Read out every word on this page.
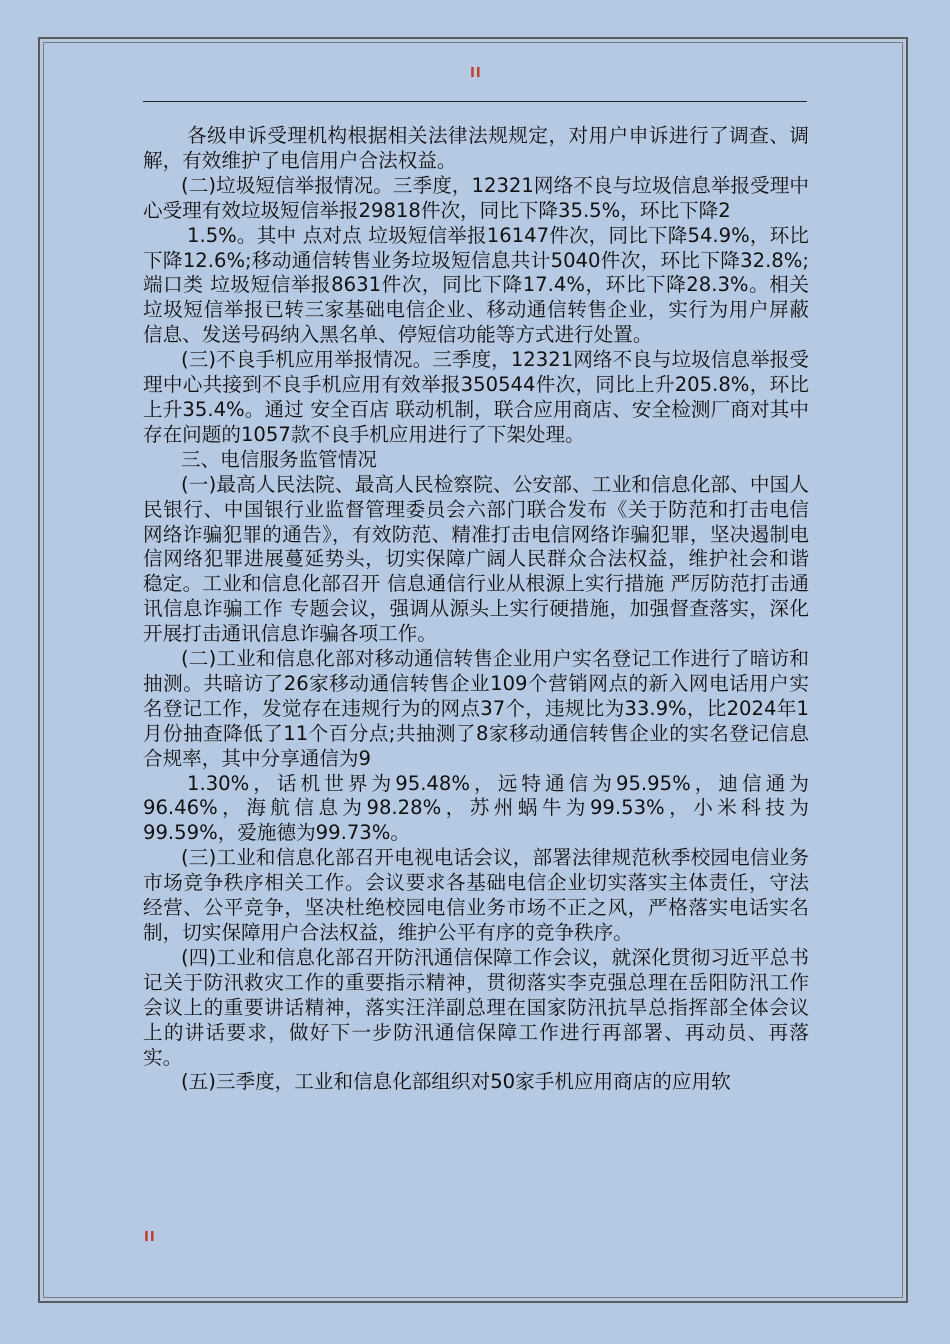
II

各级申诉受理机构根据相关法律法规规定，对用户申诉进行了调查、调解，有效维护了电信用户合法权益。

(二)垃圾短信举报情况。三季度，12321网络不良与垃圾信息举报受理中心受理有效垃圾短信举报29818件次，同比下降35.5%，环比下降2

1.5%。其中 点对点 垃圾短信举报16147件次，同比下降54.9%，环比下降12.6%;移动通信转售业务垃圾短信息共计5040件次，环比下降32.8%; 端口类 垃圾短信举报8631件次，同比下降17.4%，环比下降28.3%。相关垃圾短信举报已转三家基础电信企业、移动通信转售企业，实行为用户屏蔽信息、发送号码纳入黑名单、停短信功能等方式进行处置。

(三)不良手机应用举报情况。三季度，12321网络不良与垃圾信息举报受理中心共接到不良手机应用有效举报350544件次，同比上升205.8%，环比上升35.4%。通过 安全百店 联动机制，联合应用商店、安全检测厂商对其中存在问题的1057款不良手机应用进行了下架处理。

三、电信服务监管情况

(一)最高人民法院、最高人民检察院、公安部、工业和信息化部、中国人民银行、中国银行业监督管理委员会六部门联合发布《关于防范和打击电信网络诈骗犯罪的通告》，有效防范、精准打击电信网络诈骗犯罪，坚决遏制电信网络犯罪进展蔓延势头，切实保障广阔人民群众合法权益，维护社会和谐稳定。工业和信息化部召开 信息通信行业从根源上实行措施 严厉防范打击通讯信息诈骗工作 专题会议，强调从源头上实行硬措施，加强督查落实，深化开展打击通讯信息诈骗各项工作。

(二)工业和信息化部对移动通信转售企业用户实名登记工作进行了暗访和抽测。共暗访了26家移动通信转售企业109个营销网点的新入网电话用户实名登记工作，发觉存在违规行为的网点37个，违规比为33.9%，比2024年1月份抽查降低了11个百分点;共抽测了8家移动通信转售企业的实名登记信息合规率，其中分享通信为9

1.30%，话机世界为95.48%，远特通信为95.95%，迪信通为96.46%，海航信息为98.28%，苏州蜗牛为99.53%，小米科技为99.59%，爱施德为99.73%。

(三)工业和信息化部召开电视电话会议，部署法律规范秋季校园电信业务市场竞争秩序相关工作。会议要求各基础电信企业切实落实主体责任，守法经营、公平竞争，坚决杜绝校园电信业务市场不正之风，严格落实电话实名制，切实保障用户合法权益，维护公平有序的竞争秩序。

(四)工业和信息化部召开防汛通信保障工作会议，就深化贯彻习近平总书记关于防汛救灾工作的重要指示精神，贯彻落实李克强总理在岳阳防汛工作会议上的重要讲话精神，落实汪洋副总理在国家防汛抗旱总指挥部全体会议上的讲话要求，做好下一步防汛通信保障工作进行再部署、再动员、再落实。

(五)三季度，工业和信息化部组织对50家手机应用商店的应用软

II
